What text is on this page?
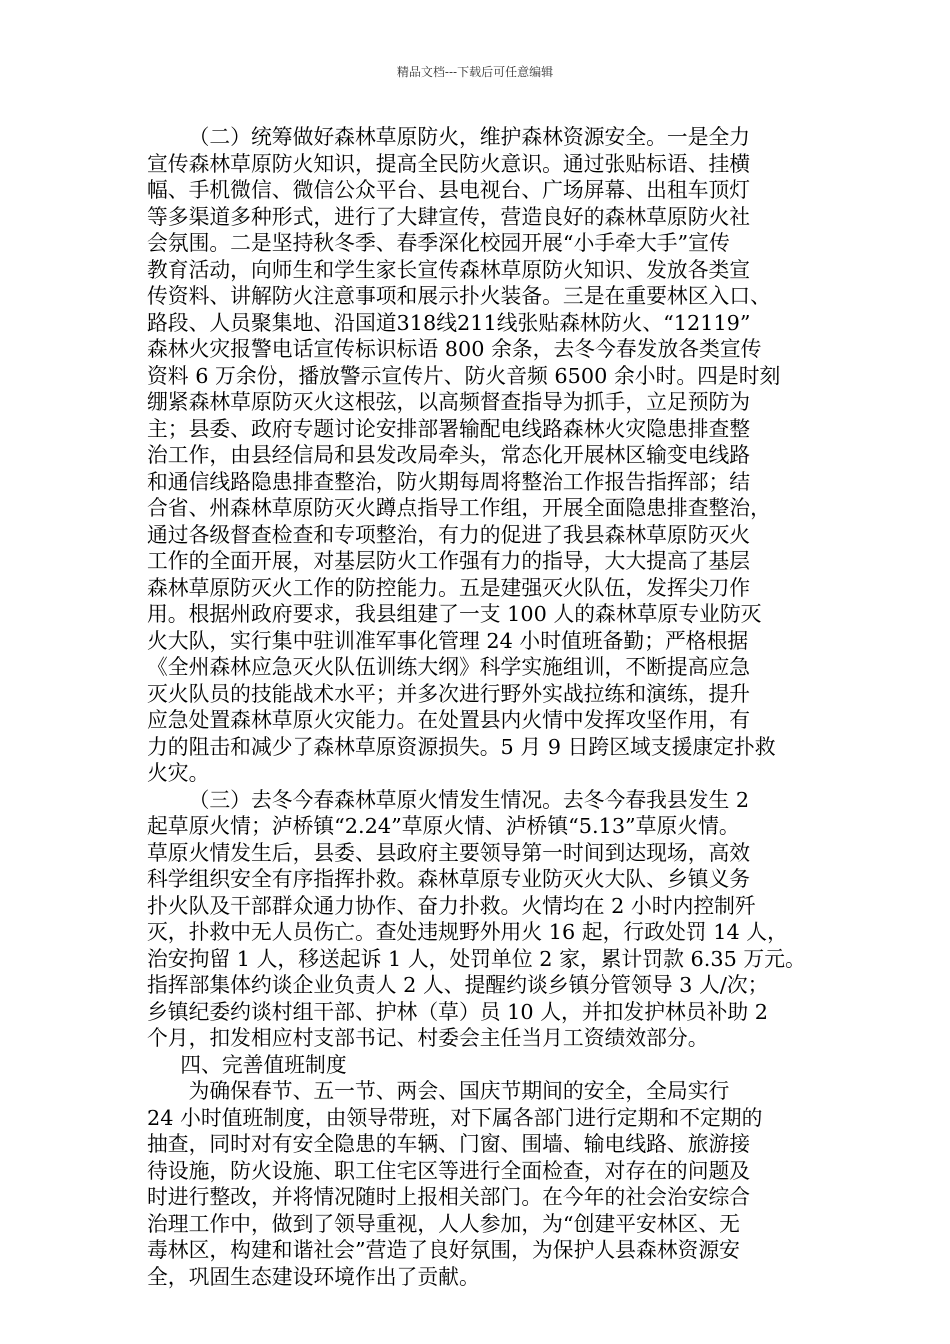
精品文档---下载后可任意编辑
（二）统筹做好森林草原防火，维护森林资源安全。一是全力
宣传森林草原防火知识，提高全民防火意识。通过张贴标语、挂横
幅、手机微信、微信公众平台、县电视台、广场屏幕、出租车顶灯
等多渠道多种形式，进行了大肆宣传，营造良好的森林草原防火社
会氛围。二是坚持秋冬季、春季深化校园开展“小手牵大手”宣传
教育活动，向师生和学生家长宣传森林草原防火知识、发放各类宣
传资料、讲解防火注意事项和展示扑火装备。三是在重要林区入口、
路段、人员聚集地、沿国道318线211线张贴森林防火、“12119”
森林火灾报警电话宣传标识标语 800 余条，去冬今春发放各类宣传
资料 6 万余份，播放警示宣传片、防火音频 6500 余小时。四是时刻
绷紧森林草原防灭火这根弦，以高频督查指导为抓手，立足预防为
主；县委、政府专题讨论安排部署输配电线路森林火灾隐患排查整
治工作，由县经信局和县发改局牵头，常态化开展林区输变电线路
和通信线路隐患排查整治，防火期每周将整治工作报告指挥部；结
合省、州森林草原防灭火蹲点指导工作组，开展全面隐患排查整治，
通过各级督查检查和专项整治，有力的促进了我县森林草原防灭火
工作的全面开展，对基层防火工作强有力的指导，大大提高了基层
森林草原防灭火工作的防控能力。五是建强灭火队伍，发挥尖刀作
用。根据州政府要求，我县组建了一支 100 人的森林草原专业防灭
火大队，实行集中驻训准军事化管理 24 小时值班备勤；严格根据
《全州森林应急灭火队伍训练大纲》科学实施组训，不断提高应急
灭火队员的技能战术水平；并多次进行野外实战拉练和演练，提升
应急处置森林草原火灾能力。在处置县内火情中发挥攻坚作用，有
力的阻击和减少了森林草原资源损失。5 月 9 日跨区域支援康定扑救
火灾。
（三）去冬今春森林草原火情发生情况。去冬今春我县发生 2
起草原火情；泸桥镇“2.24”草原火情、泸桥镇“5.13”草原火情。
草原火情发生后，县委、县政府主要领导第一时间到达现场，高效
科学组织安全有序指挥扑救。森林草原专业防灭火大队、乡镇义务
扑火队及干部群众通力协作、奋力扑救。火情均在 2 小时内控制歼
灭，扑救中无人员伤亡。查处违规野外用火 16 起，行政处罚 14 人，
治安拘留 1 人，移送起诉 1 人，处罚单位 2 家，累计罚款 6.35 万元。
指挥部集体约谈企业负责人 2 人、提醒约谈乡镇分管领导 3 人/次；
乡镇纪委约谈村组干部、护林（草）员 10 人，并扣发护林员补助 2
个月，扣发相应村支部书记、村委会主任当月工资绩效部分。
四、完善值班制度
为确保春节、五一节、两会、国庆节期间的安全，全局实行
24 小时值班制度，由领导带班，对下属各部门进行定期和不定期的
抽查，同时对有安全隐患的车辆、门窗、围墙、输电线路、旅游接
待设施，防火设施、职工住宅区等进行全面检查，对存在的问题及
时进行整改，并将情况随时上报相关部门。在今年的社会治安综合
治理工作中，做到了领导重视，人人参加，为“创建平安林区、无
毒林区，构建和谐社会”营造了良好氛围，为保护人县森林资源安
全，巩固生态建设环境作出了贡献。
